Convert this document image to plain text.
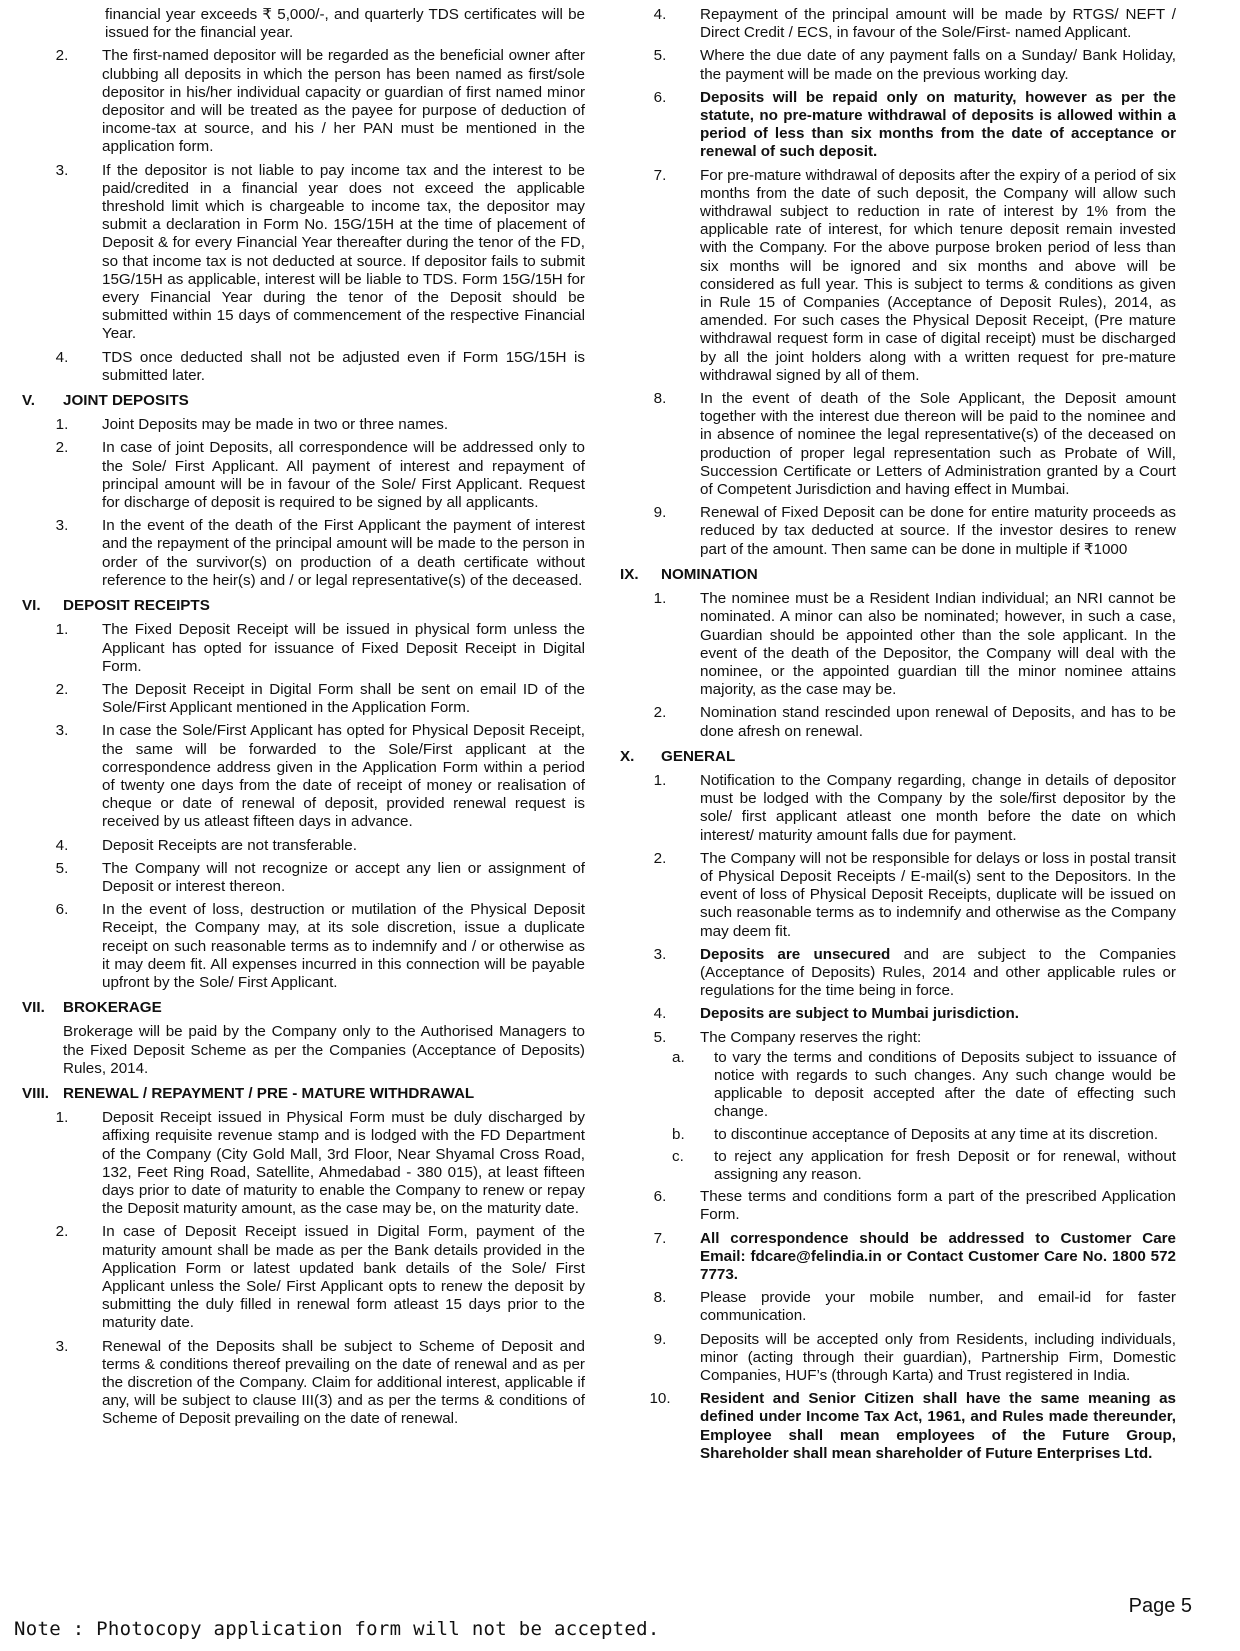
financial year exceeds ₹ 5,000/-, and quarterly TDS certificates will be issued for the financial year.
2.	The first-named depositor will be regarded as the beneficial owner after clubbing all deposits in which the person has been named as first/sole depositor in his/her individual capacity or guardian of first named minor depositor and will be treated as the payee for purpose of deduction of income-tax at source, and his / her PAN must be mentioned in the application form.
3.	If the depositor is not liable to pay income tax and the interest to be paid/credited in a financial year does not exceed the applicable threshold limit which is chargeable to income tax, the depositor may submit a declaration in Form No. 15G/15H at the time of placement of Deposit & for every Financial Year thereafter during the tenor of the FD, so that income tax is not deducted at source. If depositor fails to submit 15G/15H as applicable, interest will be liable to TDS. Form 15G/15H for every Financial Year during the tenor of the Deposit should be submitted within 15 days of commencement of the respective Financial Year.
4.	TDS once deducted shall not be adjusted even if Form 15G/15H is submitted later.
V.	JOINT DEPOSITS
1.	Joint Deposits may be made in two or three names.
2.	In case of joint Deposits, all correspondence will be addressed only to the Sole/ First Applicant. All payment of interest and repayment of principal amount will be in favour of the Sole/ First Applicant. Request for discharge of deposit is required to be signed by all applicants.
3.	In the event of the death of the First Applicant the payment of interest and the repayment of the principal amount will be made to the person in order of the survivor(s) on production of a death certificate without reference to the heir(s) and / or legal representative(s) of the deceased.
VI.	DEPOSIT RECEIPTS
1.	The Fixed Deposit Receipt will be issued in physical form unless the Applicant has opted for issuance of Fixed Deposit Receipt in Digital Form.
2.	The Deposit Receipt in Digital Form shall be sent on email ID of the Sole/First Applicant mentioned in the Application Form.
3.	In case the Sole/First Applicant has opted for Physical Deposit Receipt, the same will be forwarded to the Sole/First applicant at the correspondence address given in the Application Form within a period of twenty one days from the date of receipt of money or realisation of cheque or date of renewal of deposit, provided renewal request is received by us atleast fifteen days in advance.
4.	Deposit Receipts are not transferable.
5.	The Company will not recognize or accept any lien or assignment of Deposit or interest thereon.
6.	In the event of loss, destruction or mutilation of the Physical Deposit Receipt, the Company may, at its sole discretion, issue a duplicate receipt on such reasonable terms as to indemnify and / or otherwise as it may deem fit. All expenses incurred in this connection will be payable upfront by the Sole/ First Applicant.
VII.	BROKERAGE
Brokerage will be paid by the Company only to the Authorised Managers to the Fixed Deposit Scheme as per the Companies (Acceptance of Deposits) Rules, 2014.
VIII. RENEWAL / REPAYMENT / PRE - MATURE WITHDRAWAL
1.	Deposit Receipt issued in Physical Form must be duly discharged by affixing requisite revenue stamp and is lodged with the FD Department of the Company (City Gold Mall, 3rd Floor, Near Shyamal Cross Road, 132, Feet Ring Road, Satellite, Ahmedabad - 380 015), at least fifteen days prior to date of maturity to enable the Company to renew or repay the Deposit maturity amount, as the case may be, on the maturity date.
2.	In case of Deposit Receipt issued in Digital Form, payment of the maturity amount shall be made as per the Bank details provided in the Application Form or latest updated bank details of the Sole/ First Applicant unless the Sole/ First Applicant opts to renew the deposit by submitting the duly filled in renewal form atleast 15 days prior to the maturity date.
3.	Renewal of the Deposits shall be subject to Scheme of Deposit and terms & conditions thereof prevailing on the date of renewal and as per the discretion of the Company. Claim for additional interest, applicable if any, will be subject to clause III(3) and as per the terms & conditions of Scheme of Deposit prevailing on the date of renewal.
4.	Repayment of the principal amount will be made by RTGS/ NEFT / Direct Credit / ECS, in favour of the Sole/First- named Applicant.
5.	Where the due date of any payment falls on a Sunday/ Bank Holiday, the payment will be made on the previous working day.
6.	Deposits will be repaid only on maturity, however as per the statute, no pre-mature withdrawal of deposits is allowed within a period of less than six months from the date of acceptance or renewal of such deposit.
7.	For pre-mature withdrawal of deposits after the expiry of a period of six months from the date of such deposit, the Company will allow such withdrawal subject to reduction in rate of interest by 1% from the applicable rate of interest, for which tenure deposit remain invested with the Company. For the above purpose broken period of less than six months will be ignored and six months and above will be considered as full year. This is subject to terms & conditions as given in Rule 15 of Companies (Acceptance of Deposit Rules), 2014, as amended. For such cases the Physical Deposit Receipt, (Pre mature withdrawal request form in case of digital receipt) must be discharged by all the joint holders along with a written request for pre-mature withdrawal signed by all of them.
8.	In the event of death of the Sole Applicant, the Deposit amount together with the interest due thereon will be paid to the nominee and in absence of nominee the legal representative(s) of the deceased on production of proper legal representation such as Probate of Will, Succession Certificate or Letters of Administration granted by a Court of Competent Jurisdiction and having effect in Mumbai.
9.	Renewal of Fixed Deposit can be done for entire maturity proceeds as reduced by tax deducted at source. If the investor desires to renew part of the amount. Then same can be done in multiple if ₹1000
IX.	NOMINATION
1.	The nominee must be a Resident Indian individual; an NRI cannot be nominated. A minor can also be nominated; however, in such a case, Guardian should be appointed other than the sole applicant. In the event of the death of the Depositor, the Company will deal with the nominee, or the appointed guardian till the minor nominee attains majority, as the case may be.
2.	Nomination stand rescinded upon renewal of Deposits, and has to be done afresh on renewal.
X.	GENERAL
1.	Notification to the Company regarding, change in details of depositor must be lodged with the Company by the sole/first depositor by the sole/ first applicant atleast one month before the date on which interest/ maturity amount falls due for payment.
2.	The Company will not be responsible for delays or loss in postal transit of Physical Deposit Receipts / E-mail(s) sent to the Depositors. In the event of loss of Physical Deposit Receipts, duplicate will be issued on such reasonable terms as to indemnify and otherwise as the Company may deem fit.
3.	Deposits are unsecured and are subject to the Companies (Acceptance of Deposits) Rules, 2014 and other applicable rules or regulations for the time being in force.
4.	Deposits are subject to Mumbai jurisdiction.
5.	The Company reserves the right:
a.	to vary the terms and conditions of Deposits subject to issuance of notice with regards to such changes. Any such change would be applicable to deposit accepted after the date of effecting such change.
b.	to discontinue acceptance of Deposits at any time at its discretion.
c.	to reject any application for fresh Deposit or for renewal, without assigning any reason.
6.	These terms and conditions form a part of the prescribed Application Form.
7.	All correspondence should be addressed to Customer Care Email: fdcare@felindia.in or Contact Customer Care No. 1800 572 7773.
8.	Please provide your mobile number, and email-id for faster communication.
9.	Deposits will be accepted only from Residents, including individuals, minor (acting through their guardian), Partnership Firm, Domestic Companies, HUF’s (through Karta) and Trust registered in India.
10.	Resident and Senior Citizen shall have the same meaning as defined under Income Tax Act, 1961, and Rules made thereunder, Employee shall mean employees of the Future Group, Shareholder shall mean shareholder of Future Enterprises Ltd.
Page 5
Note : Photocopy application form will not be accepted.
